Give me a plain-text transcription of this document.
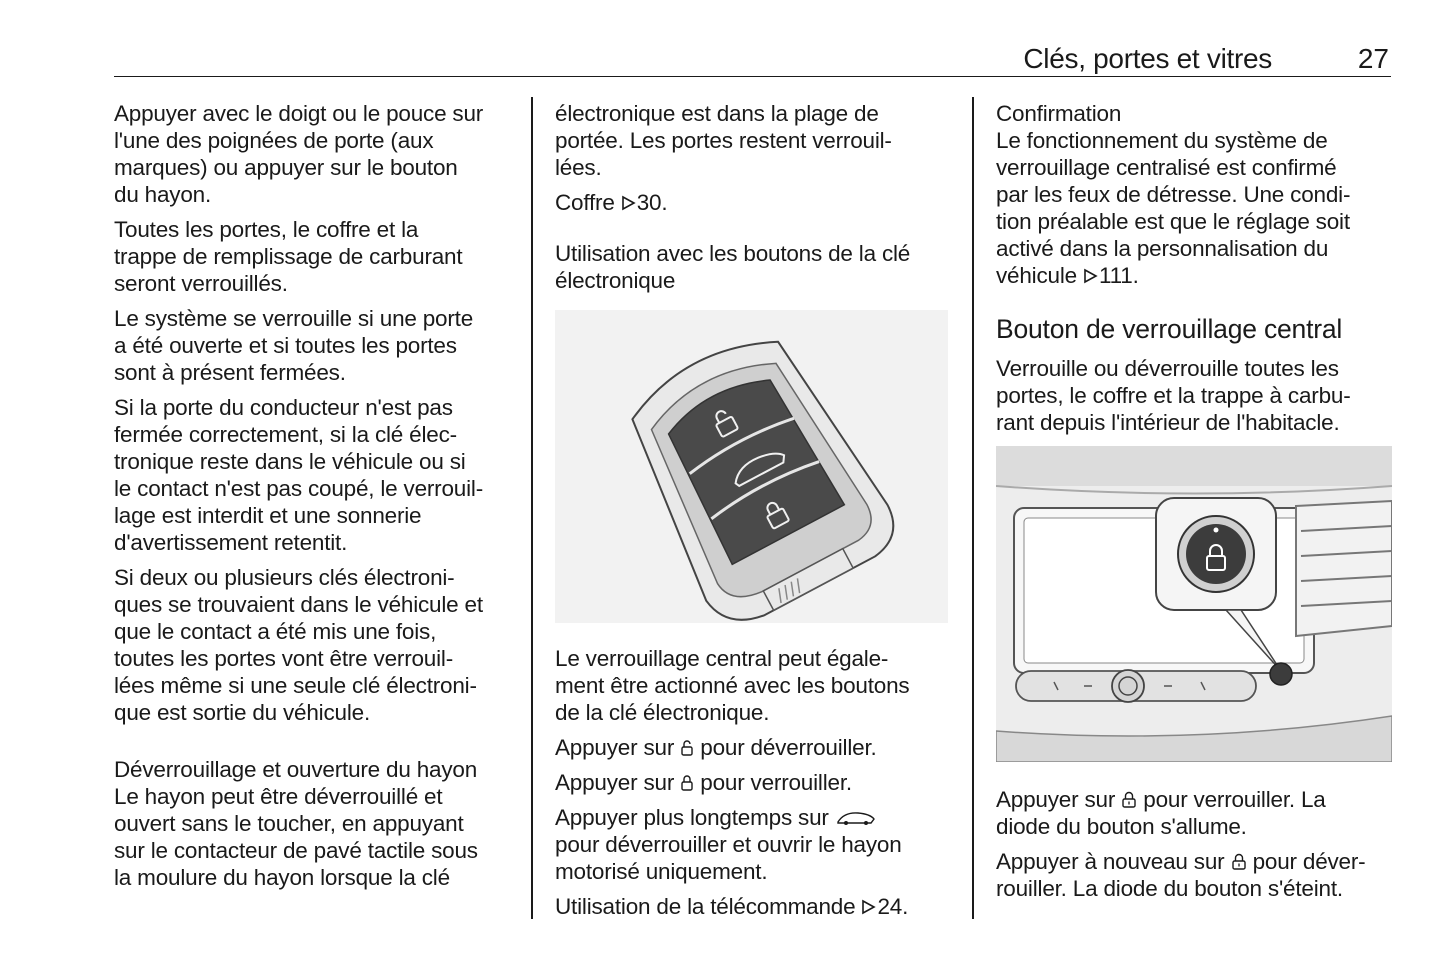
Clés, portes et vitres	27

Appuyer avec le doigt ou le pouce sur
l'une des poignées de porte (aux
marques) ou appuyer sur le bouton
du hayon.

Toutes les portes, le coffre et la
trappe de remplissage de carburant
seront verrouillés.

Le système se verrouille si une porte
a été ouverte et si toutes les portes
sont à présent fermées.

Si la porte du conducteur n'est pas
fermée correctement, si la clé élec-
tronique reste dans le véhicule ou si
le contact n'est pas coupé, le verrouil-
lage est interdit et une sonnerie
d'avertissement retentit.

Si deux ou plusieurs clés électroni-
ques se trouvaient dans le véhicule et
que le contact a été mis une fois,
toutes les portes vont être verrouil-
lées même si une seule clé électroni-
que est sortie du véhicule.

Déverrouillage et ouverture du hayon

Le hayon peut être déverrouillé et
ouvert sans le toucher, en appuyant
sur le contacteur de pavé tactile sous
la moulure du hayon lorsque la clé

électronique est dans la plage de
portée. Les portes restent verrouil-
lées.

Coffre 30.

Utilisation avec les boutons de la clé
électronique

Le verrouillage central peut égale-
ment être actionné avec les boutons
de la clé électronique.

Appuyer sur pour déverrouiller.

Appuyer sur pour verrouiller.

Appuyer plus longtemps sur
pour déverrouiller et ouvrir le hayon
motorisé uniquement.

Utilisation de la télécommande 24.

Confirmation

Le fonctionnement du système de
verrouillage centralisé est confirmé
par les feux de détresse. Une condi-
tion préalable est que le réglage soit
activé dans la personnalisation du
véhicule 111.

Bouton de verrouillage central

Verrouille ou déverrouille toutes les
portes, le coffre et la trappe à carbu-
rant depuis l'intérieur de l'habitacle.

Appuyer sur pour verrouiller. La
diode du bouton s'allume.

Appuyer à nouveau sur pour déver-
rouiller. La diode du bouton s'éteint.
